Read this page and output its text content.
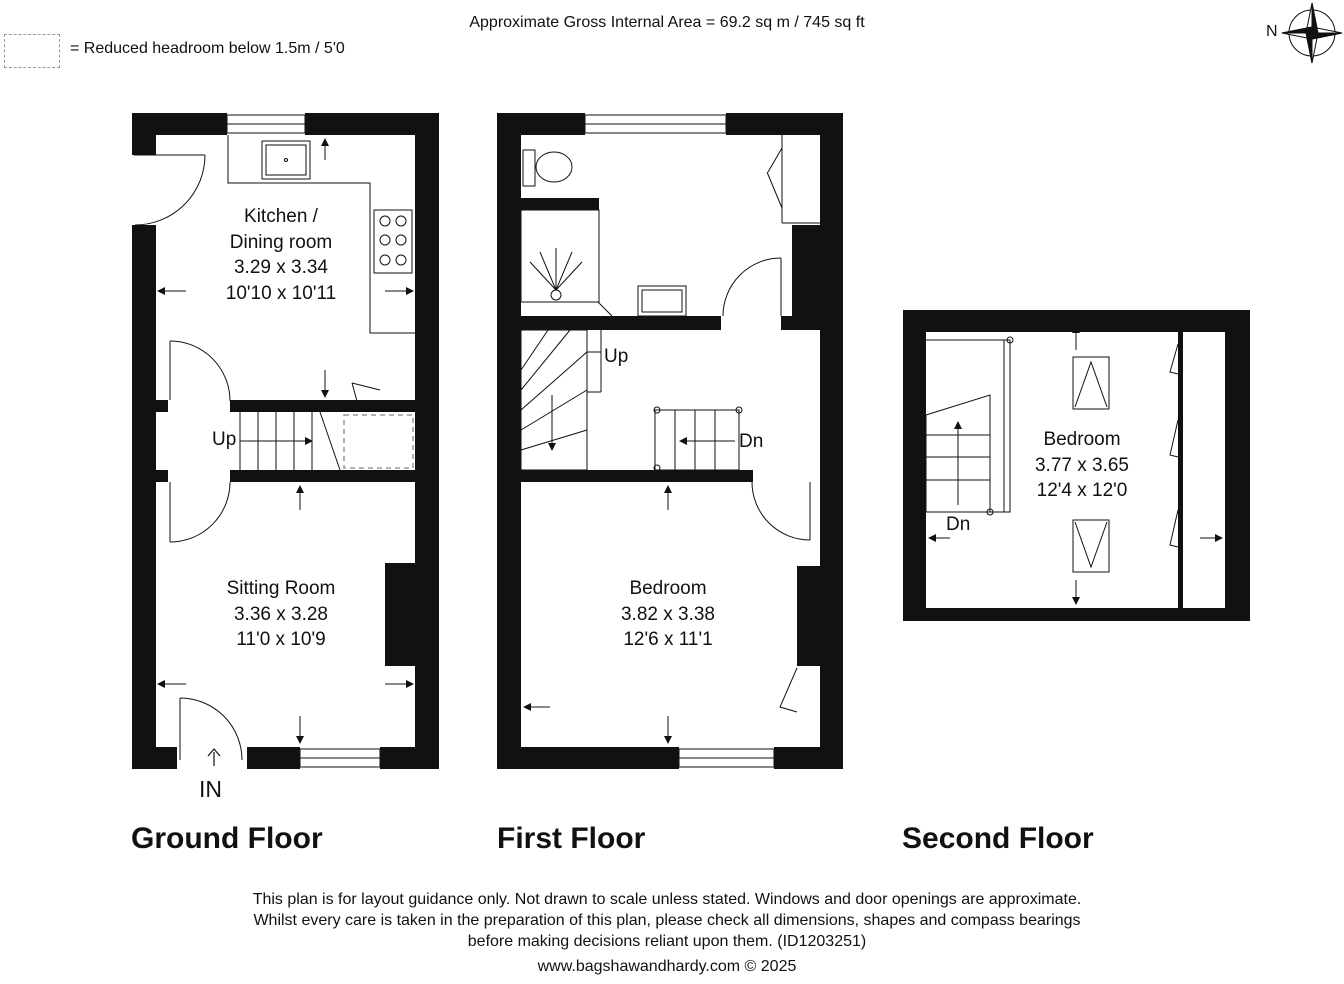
Approximate Gross Internal Area = 69.2 sq m / 745 sq ft
= Reduced headroom below 1.5m / 5'0
N
Kitchen /
Dining room
3.29 x 3.34
10'10 x 10'11
Sitting Room
3.36 x 3.28
11'0 x 10'9
Up
IN
Ground Floor
Bedroom
3.82 x 3.38
12'6 x 11'1
Up
Dn
First Floor
Bedroom
3.77 x 3.65
12'4 x 12'0
Dn
Second Floor
This plan is for layout guidance only. Not drawn to scale unless stated. Windows and door openings are approximate.
Whilst every care is taken in the preparation of this plan, please check all dimensions, shapes and compass bearings
before making decisions reliant upon them. (ID1203251)
www.bagshawandhardy.com © 2025
